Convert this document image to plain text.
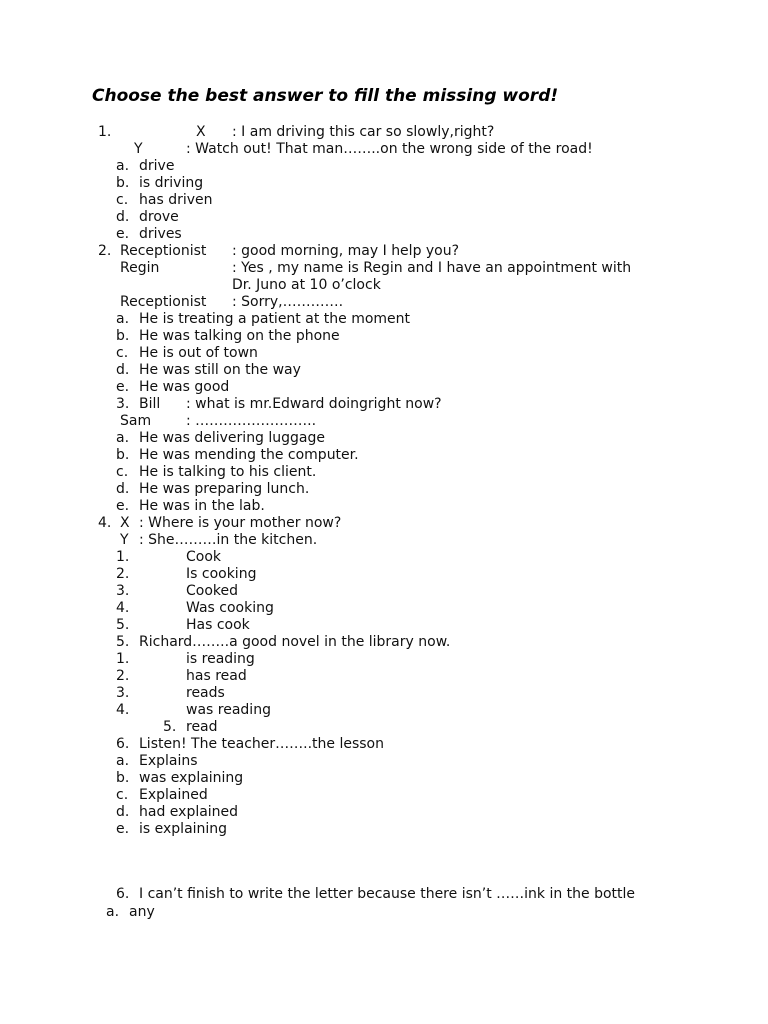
Choose the best answer to fill the missing word!
1.	X : I am driving this car so slowly,right?
Y	: Watch out! That man……..on the wrong side of the road!
a. drive
b. is driving
c. has driven
d. drove
e. drives
2. Receptionist : good morning, may I help you?
Regin	: Yes , my name is Regin and I have an appointment with
Dr. Juno at 10 o’clock
Receptionist : Sorry,………….
a. He is treating a patient at the moment
b. He was talking on the phone
c. He is out of town
d. He was still on the way
e. He was good
3. Bill : what is mr.Edward doingright now?
Sam : ……………………..
a. He was delivering luggage
b. He was mending the computer.
c. He is talking to his client.
d. He was preparing lunch.
e. He was in the lab.
4. X : Where is your mother now?
Y : She………in the kitchen.
1.	Cook
2.	Is cooking
3.	Cooked
4.	Was cooking
5.	Has cook
5. Richard……..a good novel in the library now.
1.	is reading
2.	has read
3.	reads
4.	was reading
5. read
6. Listen! The teacher……..the lesson
a. Explains
b. was explaining
c. Explained
d. had explained
e. is explaining
6. I can’t finish to write the letter because there isn’t ……ink in the bottle
a. any
